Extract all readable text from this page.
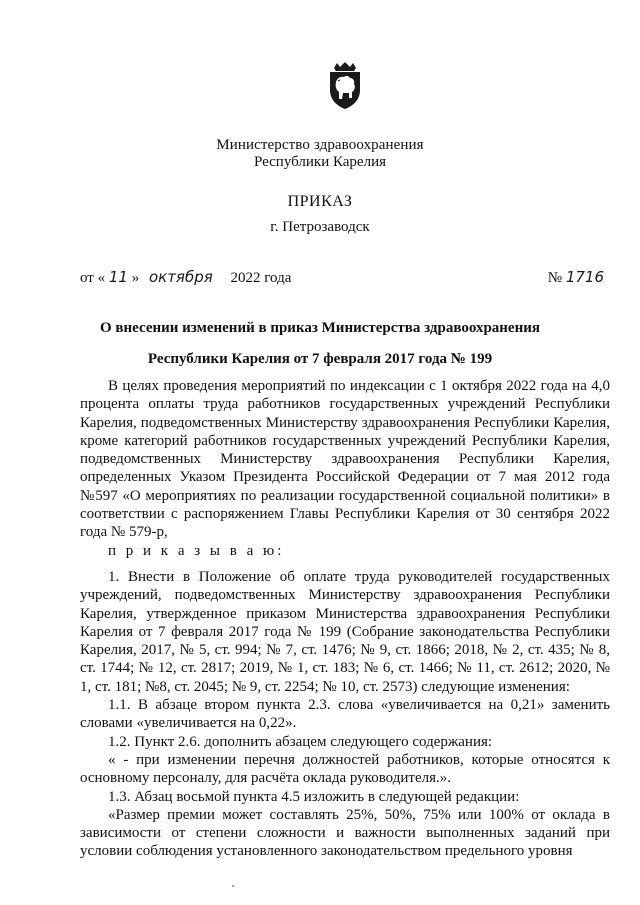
Министерство здравоохранения
Республики Карелия
ПРИКАЗ
г. Петрозаводск
от « 11 » октября 2022 года	№ 1716
О внесении изменений в приказ Министерства здравоохранения
Республики Карелия от 7 февраля 2017 года № 199

В целях проведения мероприятий по индексации с 1 октября 2022 года на 4,0 процента оплаты труда работников государственных учреждений Республики Карелия, подведомственных Министерству здравоохранения Республики Карелия, кроме категорий работников государственных учреждений Республики Карелия, подведомственных Министерству здравоохранения Республики Карелия, определенных Указом Президента Российской Федерации от 7 мая 2012 года №597 «О мероприятиях по реализации государственной социальной политики» в соответствии с распоряжением Главы Республики Карелия от 30 сентября 2022 года № 579-р,

п р и к а з ы в а ю:

1. Внести в Положение об оплате труда руководителей государственных учреждений, подведомственных Министерству здравоохранения Республики Карелия, утвержденное приказом Министерства здравоохранения Республики Карелия от 7 февраля 2017 года № 199 (Собрание законодательства Республики Карелия, 2017, № 5, ст. 994; № 7, ст. 1476; № 9, ст. 1866; 2018, № 2, ст. 435; № 8, ст. 1744; № 12, ст. 2817; 2019, № 1, ст. 183; № 6, ст. 1466; № 11, ст. 2612; 2020, № 1, ст. 181; №8, ст. 2045; № 9, ст. 2254; № 10, ст. 2573) следующие изменения:

1.1. В абзаце втором пункта 2.3. слова «увеличивается на 0,21» заменить словами «увеличивается на 0,22».

1.2. Пункт 2.6. дополнить абзацем следующего содержания:

« - при изменении перечня должностей работников, которые относятся к основному персоналу, для расчёта оклада руководителя.».

1.3. Абзац восьмой пункта 4.5 изложить в следующей редакции:

«Размер премии может составлять 25%, 50%, 75% или 100% от оклада в зависимости от степени сложности и важности выполненных заданий при условии соблюдения установленного законодательством предельного уровня
